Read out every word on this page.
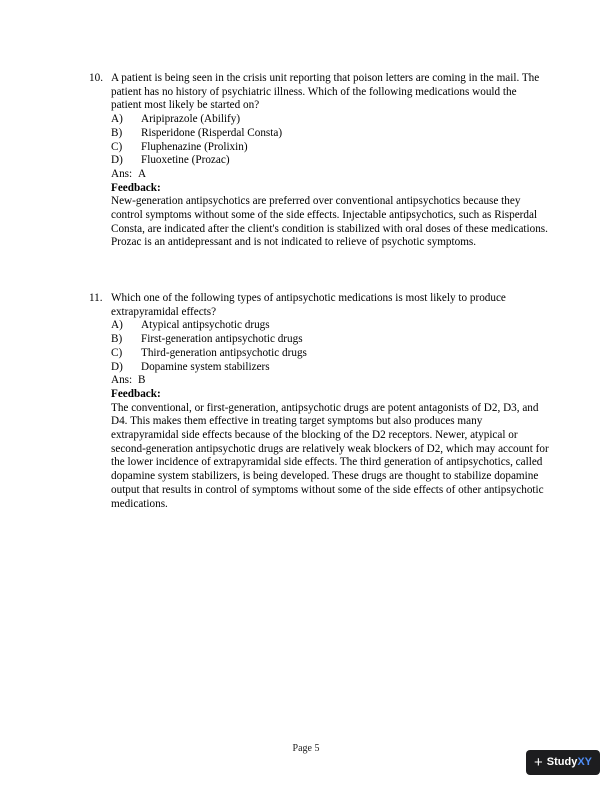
10. A patient is being seen in the crisis unit reporting that poison letters are coming in the mail. The patient has no history of psychiatric illness. Which of the following medications would the patient most likely be started on?
A)	Aripiprazole (Abilify)
B)	Risperidone (Risperdal Consta)
C)	Fluphenazine (Prolixin)
D)	Fluoxetine (Prozac)
Ans: A
Feedback:
New-generation antipsychotics are preferred over conventional antipsychotics because they control symptoms without some of the side effects. Injectable antipsychotics, such as Risperdal Consta, are indicated after the client's condition is stabilized with oral doses of these medications. Prozac is an antidepressant and is not indicated to relieve of psychotic symptoms.
11. Which one of the following types of antipsychotic medications is most likely to produce extrapyramidal effects?
A)	Atypical antipsychotic drugs
B)	First-generation antipsychotic drugs
C)	Third-generation antipsychotic drugs
D)	Dopamine system stabilizers
Ans: B
Feedback:
The conventional, or first-generation, antipsychotic drugs are potent antagonists of D2, D3, and D4. This makes them effective in treating target symptoms but also produces many extrapyramidal side effects because of the blocking of the D2 receptors. Newer, atypical or second-generation antipsychotic drugs are relatively weak blockers of D2, which may account for the lower incidence of extrapyramidal side effects. The third generation of antipsychotics, called dopamine system stabilizers, is being developed. These drugs are thought to stabilize dopamine output that results in control of symptoms without some of the side effects of other antipsychotic medications.
Page 5
+ Study XY
